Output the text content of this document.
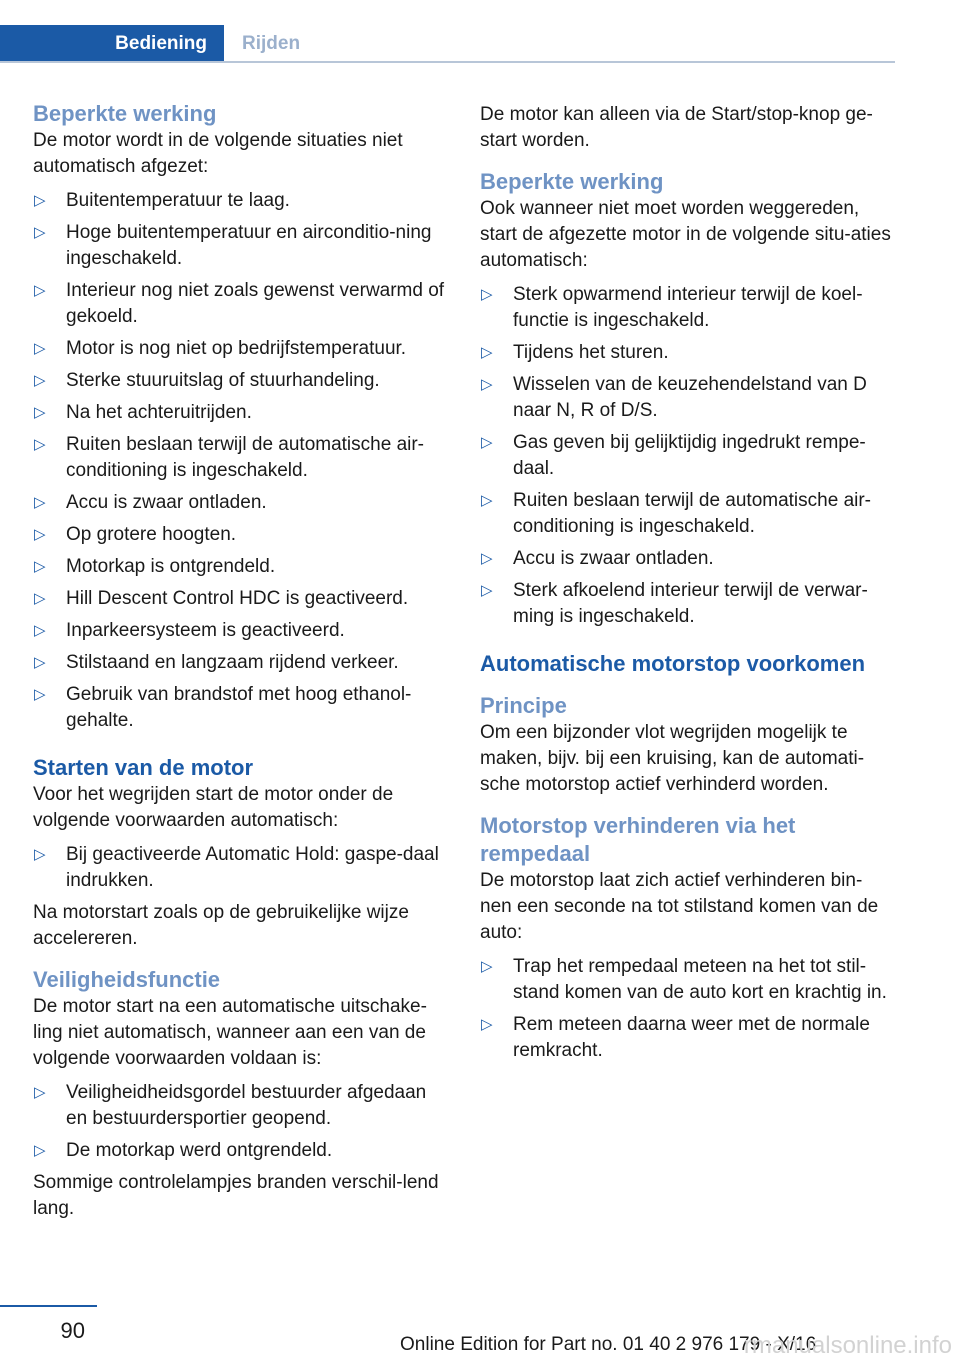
Bediening	Rijden
Beperkte werking

De motor wordt in de volgende situaties niet automatisch afgezet:

▷ Buitentemperatuur te laag.
▷ Hoge buitentemperatuur en airconditio-ning ingeschakeld.
▷ Interieur nog niet zoals gewenst verwarmd of gekoeld.
▷ Motor is nog niet op bedrijfstemperatuur.
▷ Sterke stuuruitslag of stuurhandeling.
▷ Na het achteruitrijden.
▷ Ruiten beslaan terwijl de automatische air-conditioning is ingeschakeld.
▷ Accu is zwaar ontladen.
▷ Op grotere hoogten.
▷ Motorkap is ontgrendeld.
▷ Hill Descent Control HDC is geactiveerd.
▷ Inparkeersysteem is geactiveerd.
▷ Stilstaand en langzaam rijdend verkeer.
▷ Gebruik van brandstof met hoog ethanol-gehalte.
Starten van de motor

Voor het wegrijden start de motor onder de volgende voorwaarden automatisch:

▷ Bij geactiveerde Automatic Hold: gaspe-daal indrukken.

Na motorstart zoals op de gebruikelijke wijze accelereren.

Veiligheidsfunctie

De motor start na een automatische uitschake-ling niet automatisch, wanneer aan een van de volgende voorwaarden voldaan is:

▷ Veiligheidheidsgordel bestuurder afgedaan en bestuurdersportier geopend.
▷ De motorkap werd ontgrendeld.

Sommige controlelampjes branden verschil-lend lang.

De motor kan alleen via de Start/stop-knop ge-start worden.

Beperkte werking

Ook wanneer niet moet worden weggereden, start de afgezette motor in de volgende situ-aties automatisch:

▷ Sterk opwarmend interieur terwijl de koel-functie is ingeschakeld.
▷ Tijdens het sturen.
▷ Wisselen van de keuzehendelstand van D naar N, R of D/S.
▷ Gas geven bij gelijktijdig ingedrukt rempe-daal.
▷ Ruiten beslaan terwijl de automatische air-conditioning is ingeschakeld.
▷ Accu is zwaar ontladen.
▷ Sterk afkoelend interieur terwijl de verwar-ming is ingeschakeld.
Automatische motorstop voorkomen
Principe

Om een bijzonder vlot wegrijden mogelijk te maken, bijv. bij een kruising, kan de automati-sche motorstop actief verhinderd worden.

Motorstop verhinderen via het rempedaal

De motorstop laat zich actief verhinderen bin-nen een seconde na tot stilstand komen van de auto:

▷ Trap het rempedaal meteen na het tot stil-stand komen van de auto kort en krachtig in.
▷ Rem meteen daarna weer met de normale remkracht.
90
Online Edition for Part no. 01 40 2 976 179 - X/16
rmanualsonline.info
